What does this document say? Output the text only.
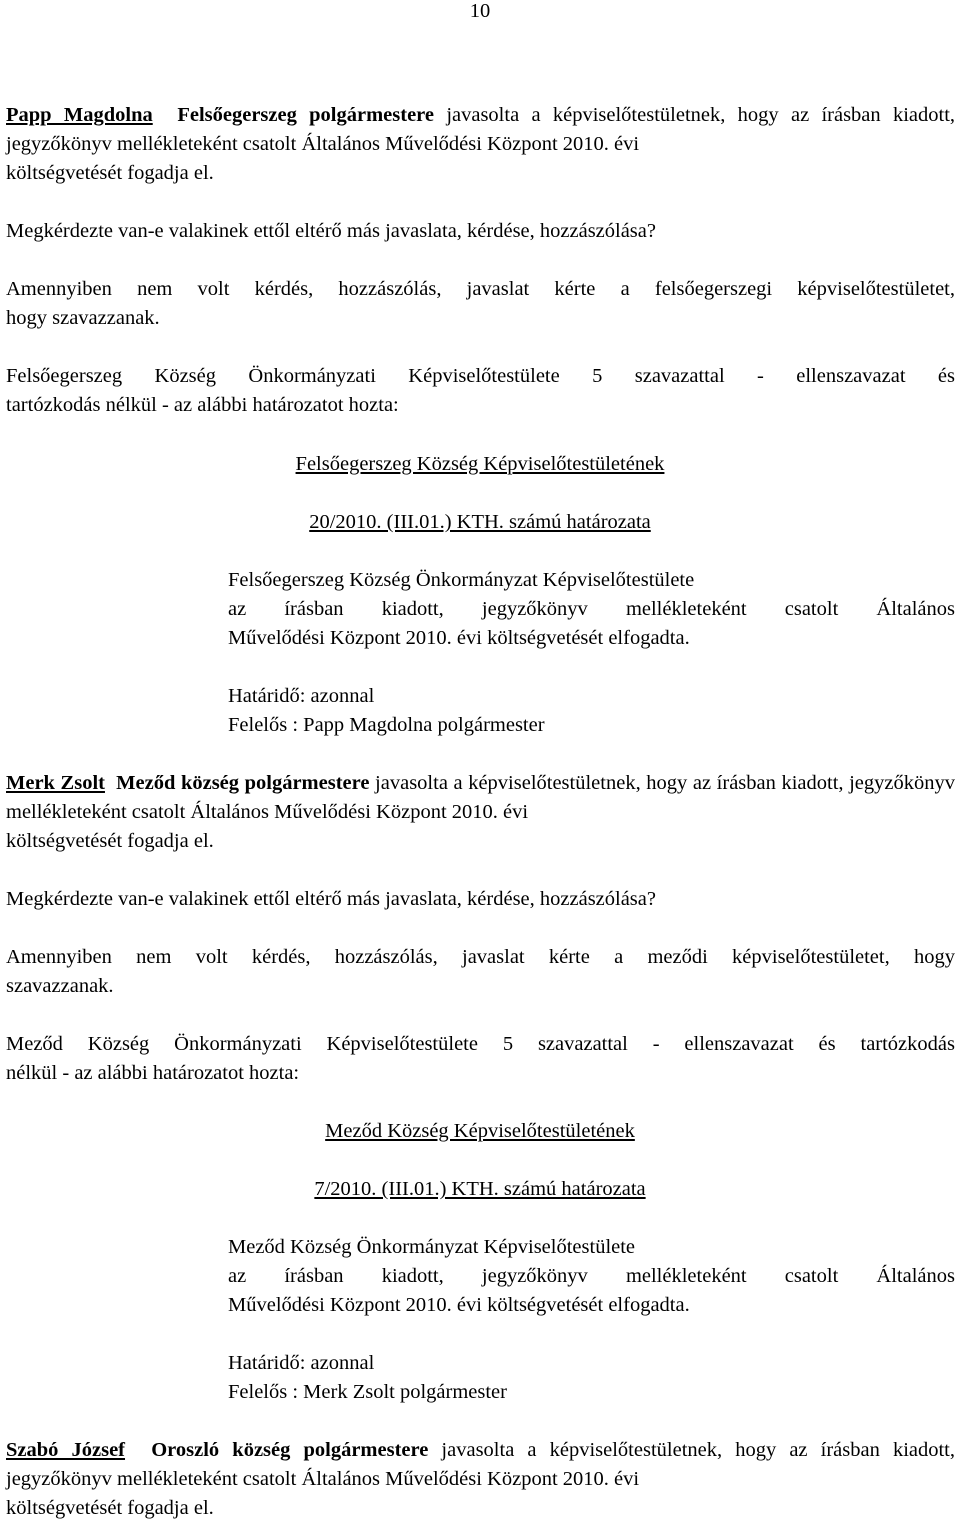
10
Papp Magdolna Felsőegerszeg polgármestere javasolta a képviselőtestületnek, hogy az írásban kiadott, jegyzőkönyv mellékleteként csatolt Általános Művelődési Központ 2010. évi
költségvetését fogadja el.
Megkérdezte van-e valakinek ettől eltérő más javaslata, kérdése, hozzászólása?
Amennyiben nem volt kérdés, hozzászólás, javaslat kérte a felsőegerszegi képviselőtestületet,
hogy szavazzanak.
Felsőegerszeg Község Önkormányzati Képviselőtestülete 5 szavazattal - ellenszavazat és
tartózkodás nélkül - az alábbi határozatot hozta:
Felsőegerszeg Község Képviselőtestületének
20/2010. (III.01.) KTH. számú határozata
Felsőegerszeg Község Önkormányzat Képviselőtestülete
az írásban kiadott, jegyzőkönyv mellékleteként csatolt Általános
Művelődési Központ 2010. évi költségvetését elfogadta.
Határidő: azonnal
Felelős : Papp Magdolna polgármester
Merk Zsolt Meződ község polgármestere javasolta a képviselőtestületnek, hogy az írásban kiadott, jegyzőkönyv mellékleteként csatolt Általános Művelődési Központ 2010. évi
költségvetését fogadja el.
Megkérdezte van-e valakinek ettől eltérő más javaslata, kérdése, hozzászólása?
Amennyiben nem volt kérdés, hozzászólás, javaslat kérte a meződi képviselőtestületet, hogy
szavazzanak.
Meződ Község Önkormányzati Képviselőtestülete 5 szavazattal - ellenszavazat és tartózkodás
nélkül - az alábbi határozatot hozta:
Meződ Község Képviselőtestületének
7/2010. (III.01.) KTH. számú határozata
Meződ Község Önkormányzat Képviselőtestülete
az írásban kiadott, jegyzőkönyv mellékleteként csatolt Általános
Művelődési Központ 2010. évi költségvetését elfogadta.
Határidő: azonnal
Felelős : Merk Zsolt polgármester
Szabó József Oroszló község polgármestere javasolta a képviselőtestületnek, hogy az írásban kiadott, jegyzőkönyv mellékleteként csatolt Általános Művelődési Központ 2010. évi
költségvetését fogadja el.
